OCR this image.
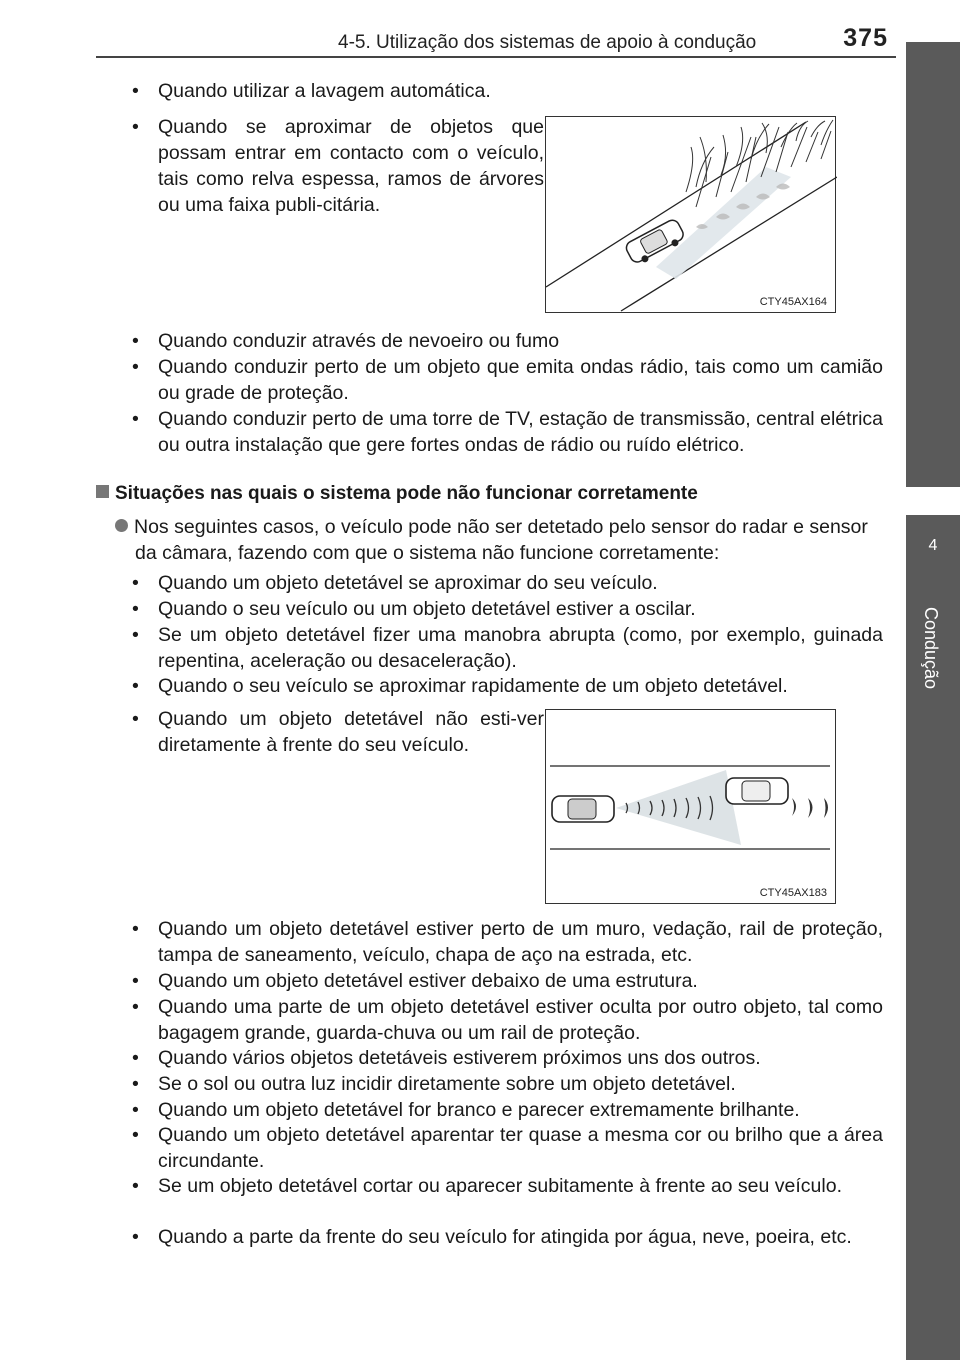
4-5. Utilização dos sistemas de apoio à condução	375
4
Condução
• Quando utilizar a lavagem automática.
• Quando se aproximar de objetos que possam entrar em contacto com o veículo, tais como relva espessa, ramos de árvores ou uma faixa publi-citária.
CTY45AX164
• Quando conduzir através de nevoeiro ou fumo
• Quando conduzir perto de um objeto que emita ondas rádio, tais como um camião ou grade de proteção.
• Quando conduzir perto de uma torre de TV, estação de transmissão, central elétrica ou outra instalação que gere fortes ondas de rádio ou ruído elétrico.
Situações nas quais o sistema pode não funcionar corretamente
Nos seguintes casos, o veículo pode não ser detetado pelo sensor do radar e sensor da câmara, fazendo com que o sistema não funcione corretamente:
• Quando um objeto detetável se aproximar do seu veículo.
• Quando o seu veículo ou um objeto detetável estiver a oscilar.
• Se um objeto detetável fizer uma manobra abrupta (como, por exemplo, guinada repentina, aceleração ou desaceleração).
• Quando o seu veículo se aproximar rapidamente de um objeto detetável.
• Quando um objeto detetável não esti-ver diretamente à frente do seu veículo.
CTY45AX183
• Quando um objeto detetável estiver perto de um muro, vedação, rail de proteção, tampa de saneamento, veículo, chapa de aço na estrada, etc.
• Quando um objeto detetável estiver debaixo de uma estrutura.
• Quando uma parte de um objeto detetável estiver oculta por outro objeto, tal como bagagem grande, guarda-chuva ou um rail de proteção.
• Quando vários objetos detetáveis estiverem próximos uns dos outros.
• Se o sol ou outra luz incidir diretamente sobre um objeto detetável.
• Quando um objeto detetável for branco e parecer extremamente brilhante.
• Quando um objeto detetável aparentar ter quase a mesma cor ou brilho que a área circundante.
• Se um objeto detetável cortar ou aparecer subitamente à frente ao seu veículo.
• Quando a parte da frente do seu veículo for atingida por água, neve, poeira, etc.
